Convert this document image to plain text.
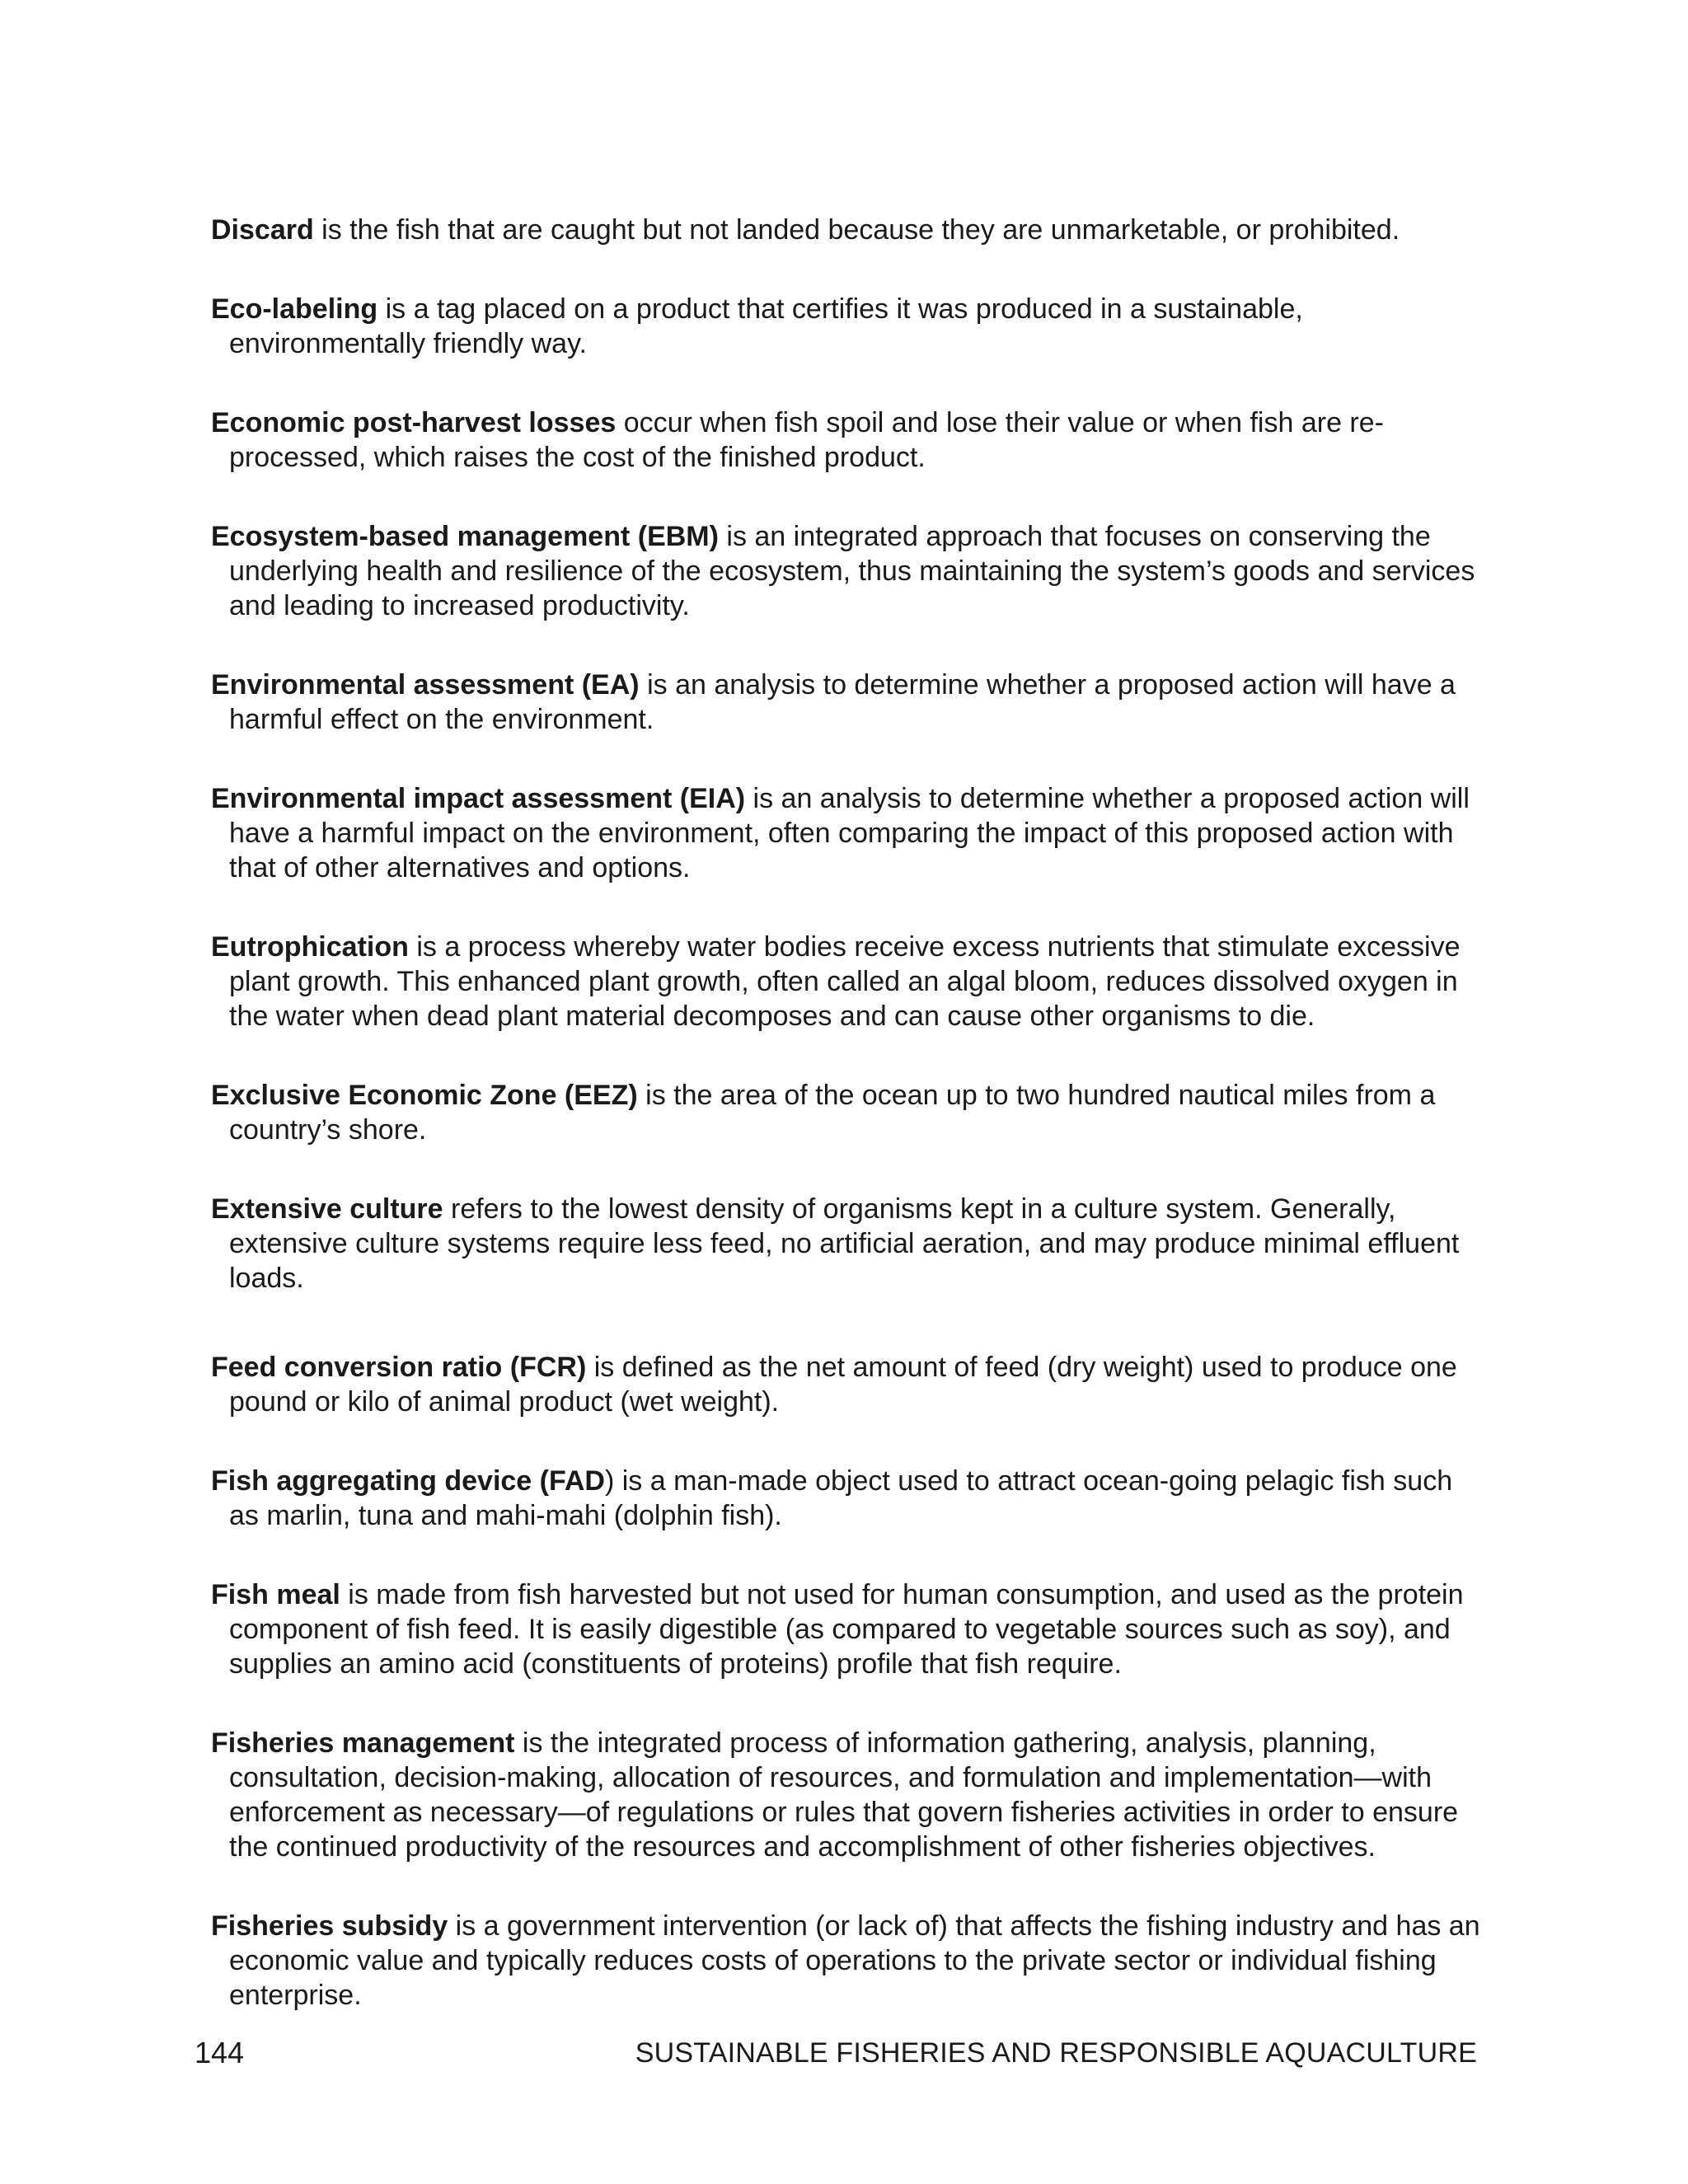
Discard is the fish that are caught but not landed because they are unmarketable, or prohibited.

Eco-labeling is a tag placed on a product that certifies it was produced in a sustainable, environmentally friendly way.

Economic post-harvest losses occur when fish spoil and lose their value or when fish are re-processed, which raises the cost of the finished product.

Ecosystem-based management (EBM) is an integrated approach that focuses on conserving the underlying health and resilience of the ecosystem, thus maintaining the system’s goods and services and leading to increased productivity.

Environmental assessment (EA) is an analysis to determine whether a proposed action will have a harmful effect on the environment.

Environmental impact assessment (EIA) is an analysis to determine whether a proposed action will have a harmful impact on the environment, often comparing the impact of this proposed action with that of other alternatives and options.

Eutrophication is a process whereby water bodies receive excess nutrients that stimulate excessive plant growth. This enhanced plant growth, often called an algal bloom, reduces dissolved oxygen in the water when dead plant material decomposes and can cause other organisms to die.

Exclusive Economic Zone (EEZ) is the area of the ocean up to two hundred nautical miles from a country’s shore.

Extensive culture refers to the lowest density of organisms kept in a culture system. Generally, extensive culture systems require less feed, no artificial aeration, and may produce minimal effluent loads.

Feed conversion ratio (FCR) is defined as the net amount of feed (dry weight) used to produce one pound or kilo of animal product (wet weight).

Fish aggregating device (FAD) is a man-made object used to attract ocean-going pelagic fish such as marlin, tuna and mahi-mahi (dolphin fish).

Fish meal is made from fish harvested but not used for human consumption, and used as the protein component of fish feed. It is easily digestible (as compared to vegetable sources such as soy), and supplies an amino acid (constituents of proteins) profile that fish require.

Fisheries management is the integrated process of information gathering, analysis, planning, consultation, decision-making, allocation of resources, and formulation and implementation—with enforcement as necessary—of regulations or rules that govern fisheries activities in order to ensure the continued productivity of the resources and accomplishment of other fisheries objectives.

Fisheries subsidy is a government intervention (or lack of) that affects the fishing industry and has an economic value and typically reduces costs of operations to the private sector or individual fishing enterprise.

144	SUSTAINABLE FISHERIES AND RESPONSIBLE AQUACULTURE
